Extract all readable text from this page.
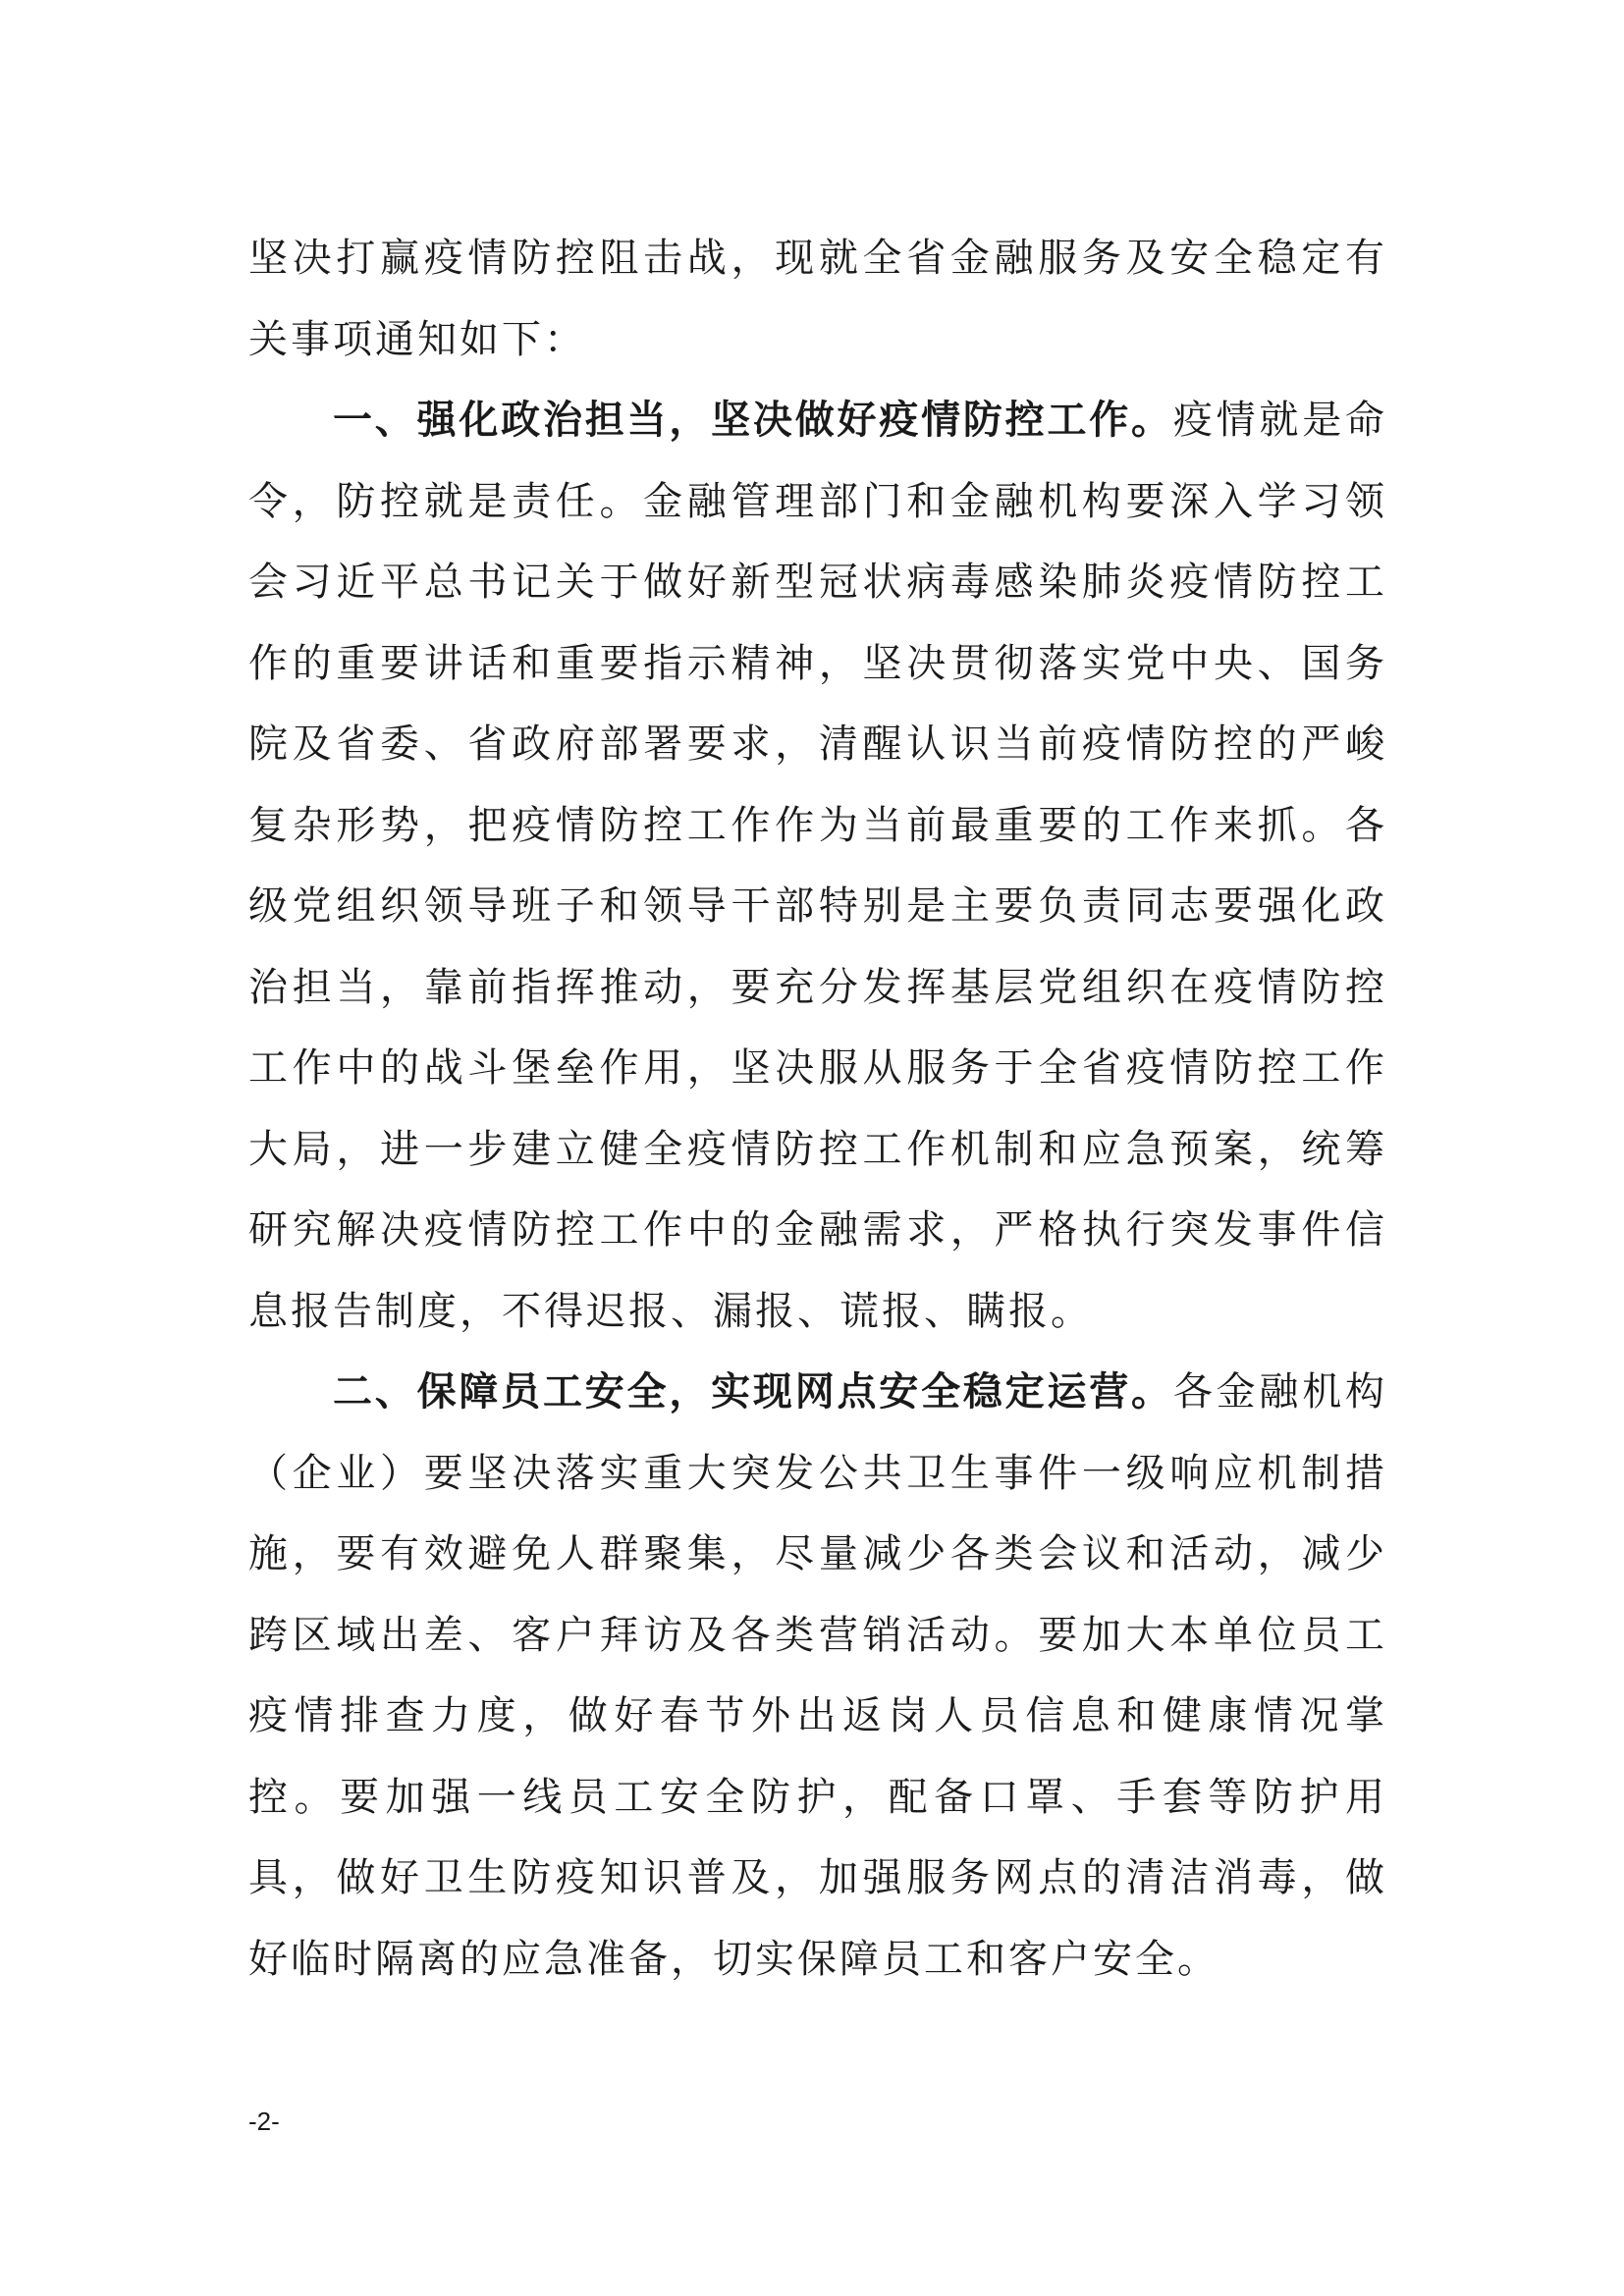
坚决打赢疫情防控阻击战，现就全省金融服务及安全稳定有关事项通知如下：

一、强化政治担当，坚决做好疫情防控工作。疫情就是命令，防控就是责任。金融管理部门和金融机构要深入学习领会习近平总书记关于做好新型冠状病毒感染肺炎疫情防控工作的重要讲话和重要指示精神，坚决贯彻落实党中央、国务院及省委、省政府部署要求，清醒认识当前疫情防控的严峻复杂形势，把疫情防控工作作为当前最重要的工作来抓。各级党组织领导班子和领导干部特别是主要负责同志要强化政治担当，靠前指挥推动，要充分发挥基层党组织在疫情防控工作中的战斗堡垒作用，坚决服从服务于全省疫情防控工作大局，进一步建立健全疫情防控工作机制和应急预案，统筹研究解决疫情防控工作中的金融需求，严格执行突发事件信息报告制度，不得迟报、漏报、谎报、瞒报。

二、保障员工安全，实现网点安全稳定运营。各金融机构（企业）要坚决落实重大突发公共卫生事件一级响应机制措施，要有效避免人群聚集，尽量减少各类会议和活动，减少跨区域出差、客户拜访及各类营销活动。要加大本单位员工疫情排查力度，做好春节外出返岗人员信息和健康情况掌控。要加强一线员工安全防护，配备口罩、手套等防护用具，做好卫生防疫知识普及，加强服务网点的清洁消毒，做好临时隔离的应急准备，切实保障员工和客户安全。

-2-
